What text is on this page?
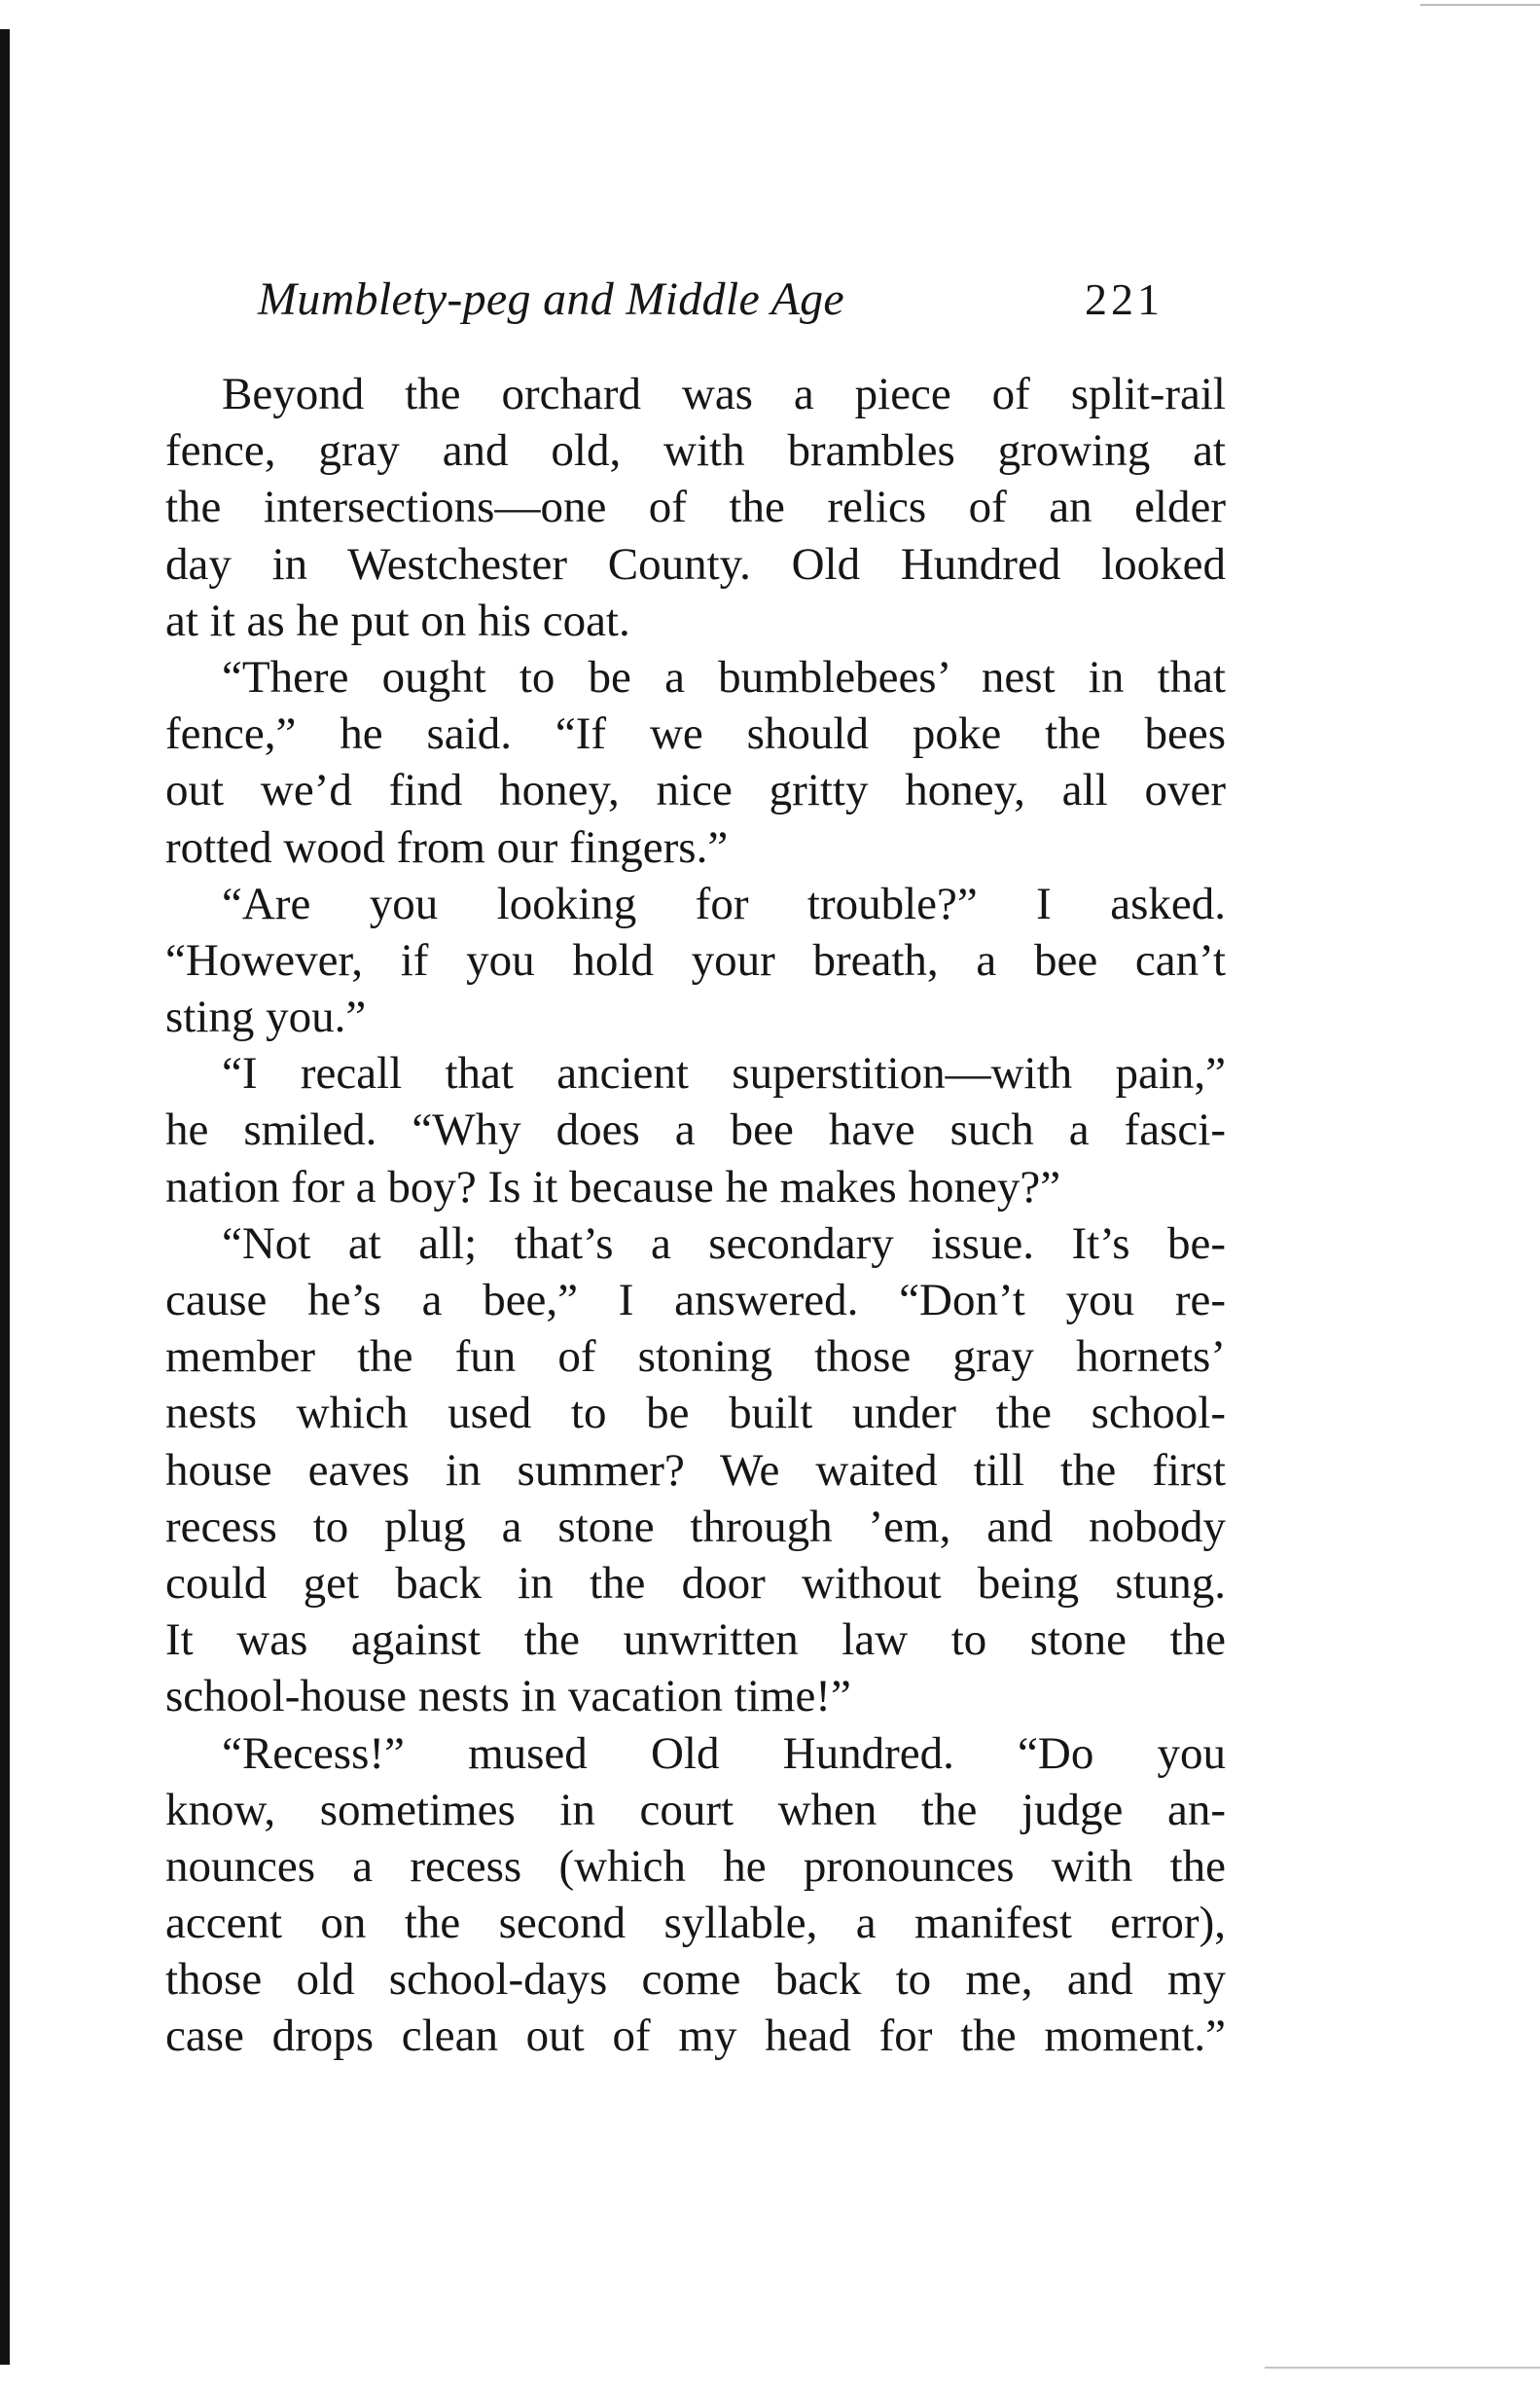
Mumblety-peg and Middle Age	221
Beyond the orchard was a piece of split-rail
fence, gray and old, with brambles growing at
the intersections—one of the relics of an elder
day in Westchester County. Old Hundred looked
at it as he put on his coat.
“There ought to be a bumblebees’ nest in that
fence,” he said. “If we should poke the bees
out we’d find honey, nice gritty honey, all over
rotted wood from our fingers.”
“Are you looking for trouble?” I asked.
“However, if you hold your breath, a bee can’t
sting you.”
“I recall that ancient superstition—with pain,”
he smiled. “Why does a bee have such a fasci-
nation for a boy? Is it because he makes honey?”
“Not at all; that’s a secondary issue. It’s be-
cause he’s a bee,” I answered. “Don’t you re-
member the fun of stoning those gray hornets’
nests which used to be built under the school-
house eaves in summer? We waited till the first
recess to plug a stone through ’em, and nobody
could get back in the door without being stung.
It was against the unwritten law to stone the
school-house nests in vacation time!”
“Recess!” mused Old Hundred. “Do you
know, sometimes in court when the judge an-
nounces a recess (which he pronounces with the
accent on the second syllable, a manifest error),
those old school-days come back to me, and my
case drops clean out of my head for the moment.”
